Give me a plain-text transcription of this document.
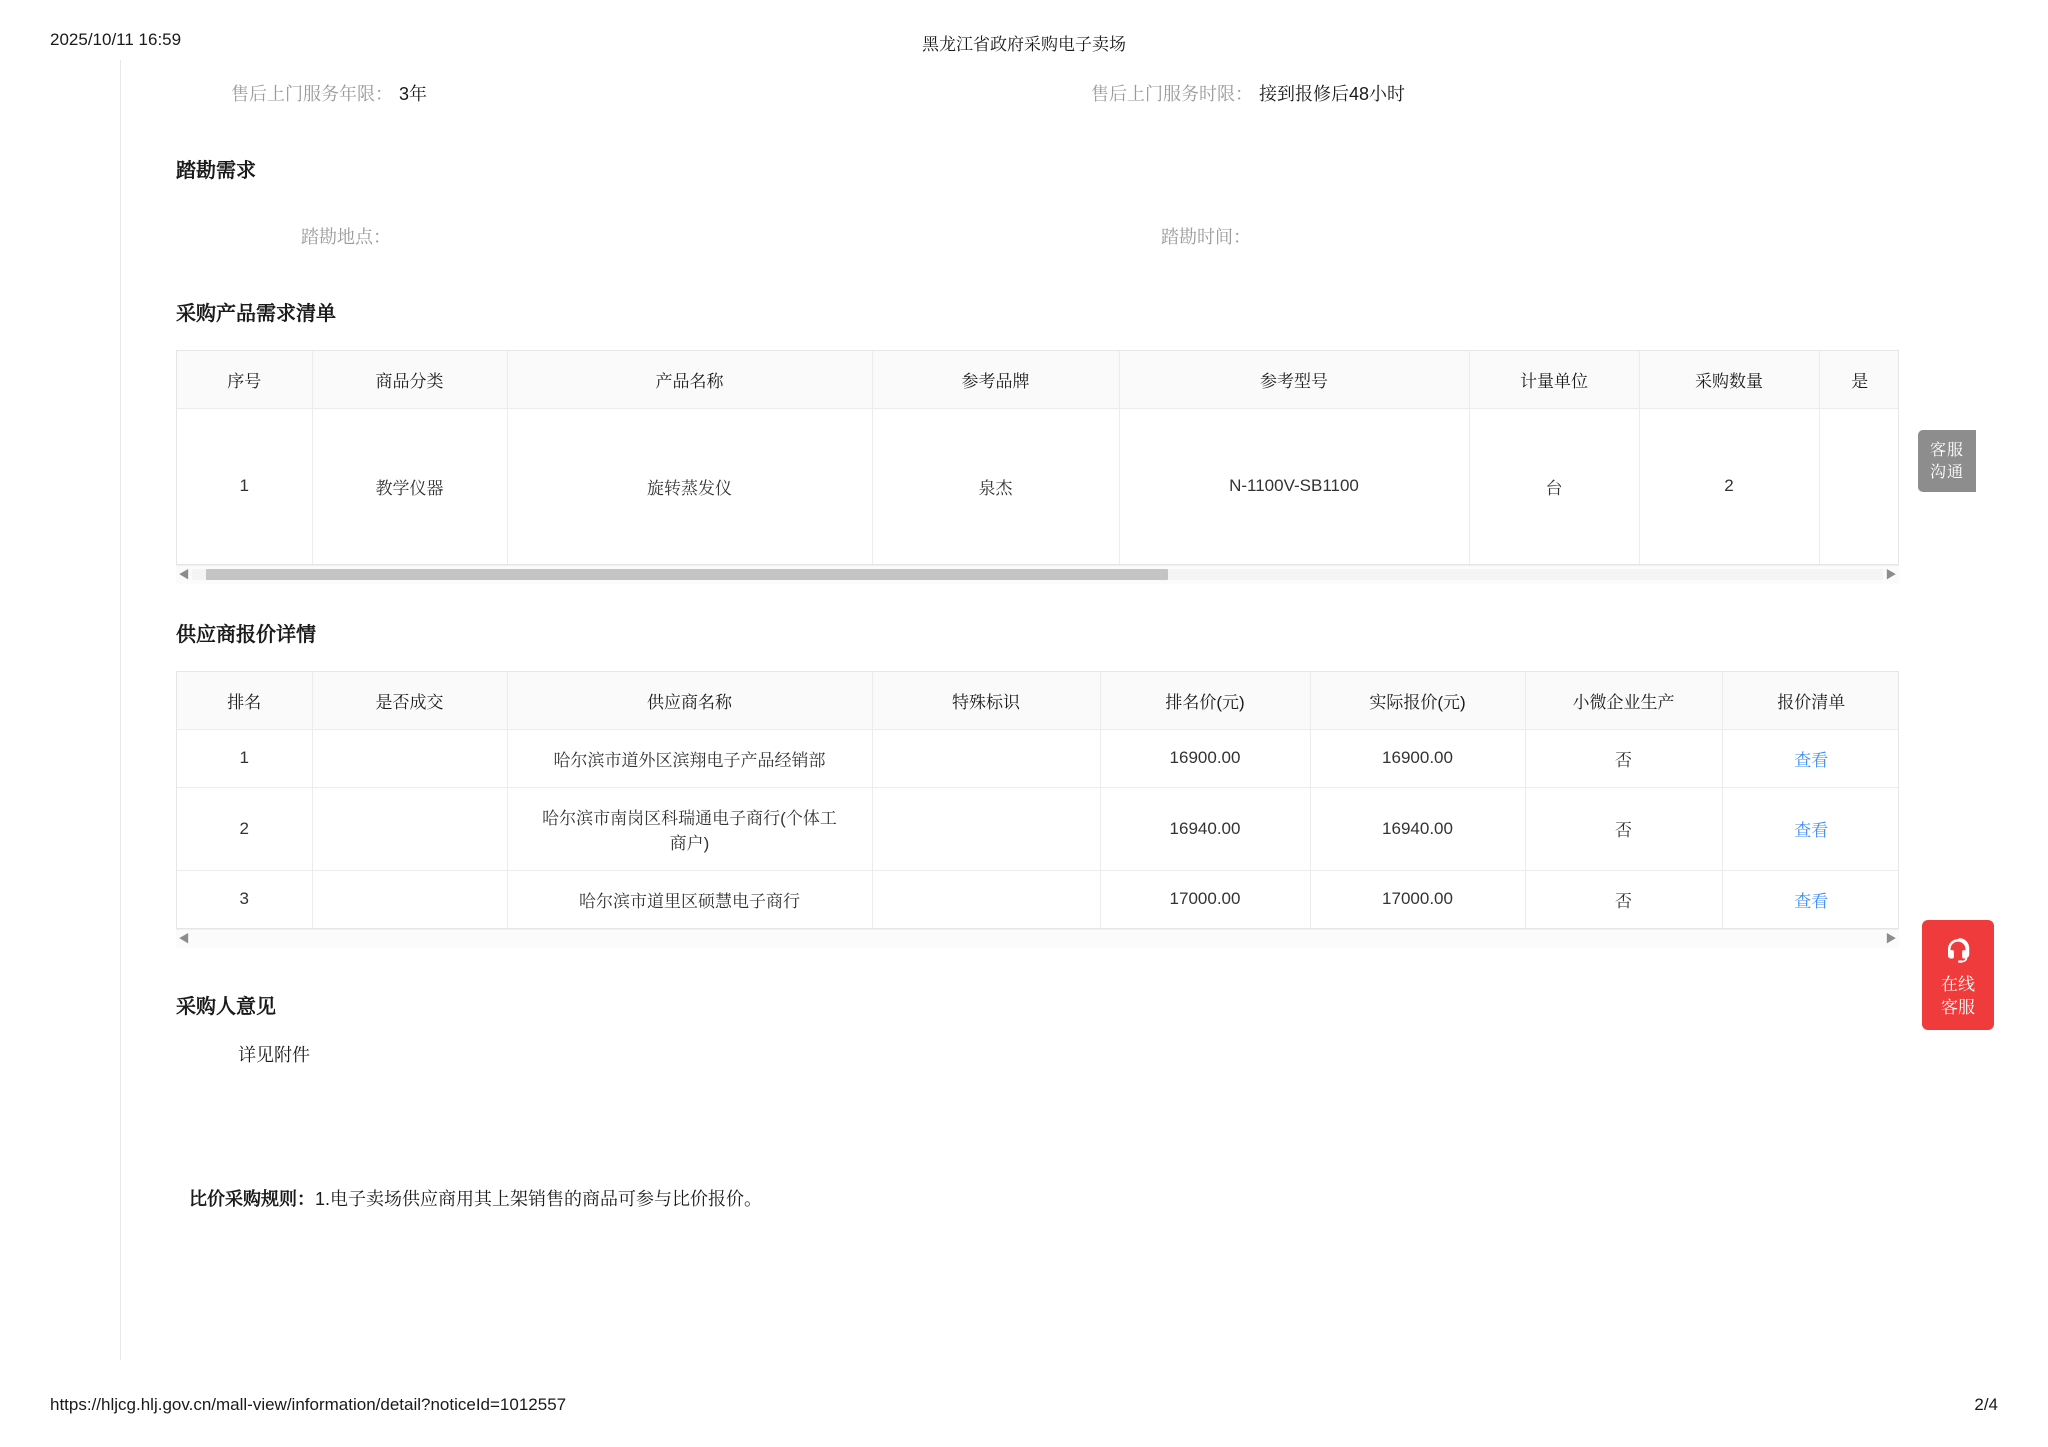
2025/10/11 16:59	黑龙江省政府采购电子卖场
售后上门服务年限： 3年	售后上门服务时限： 接到报修后48小时
踏勘需求
踏勘地点：	踏勘时间：
采购产品需求清单
序号	商品分类	产品名称	参考品牌	参考型号	计量单位	采购数量	是
1	教学仪器	旋转蒸发仪	泉杰	N-1100V-SB1100	台	2	
◀	▶
供应商报价详情
排名	是否成交	供应商名称	特殊标识	排名价(元)	实际报价(元)	小微企业生产	报价清单
1		哈尔滨市道外区滨翔电子产品经销部		16900.00	16900.00	否	查看
2		哈尔滨市南岗区科瑞通电子商行(个体工商户)		16940.00	16940.00	否	查看
3		哈尔滨市道里区硕慧电子商行		17000.00	17000.00	否	查看
◀	▶
采购人意见
详见附件
比价采购规则：1.电子卖场供应商用其上架销售的商品可参与比价报价。
客服
沟通
在线
客服
https://hljcg.hlj.gov.cn/mall-view/information/detail?noticeId=1012557	2/4
